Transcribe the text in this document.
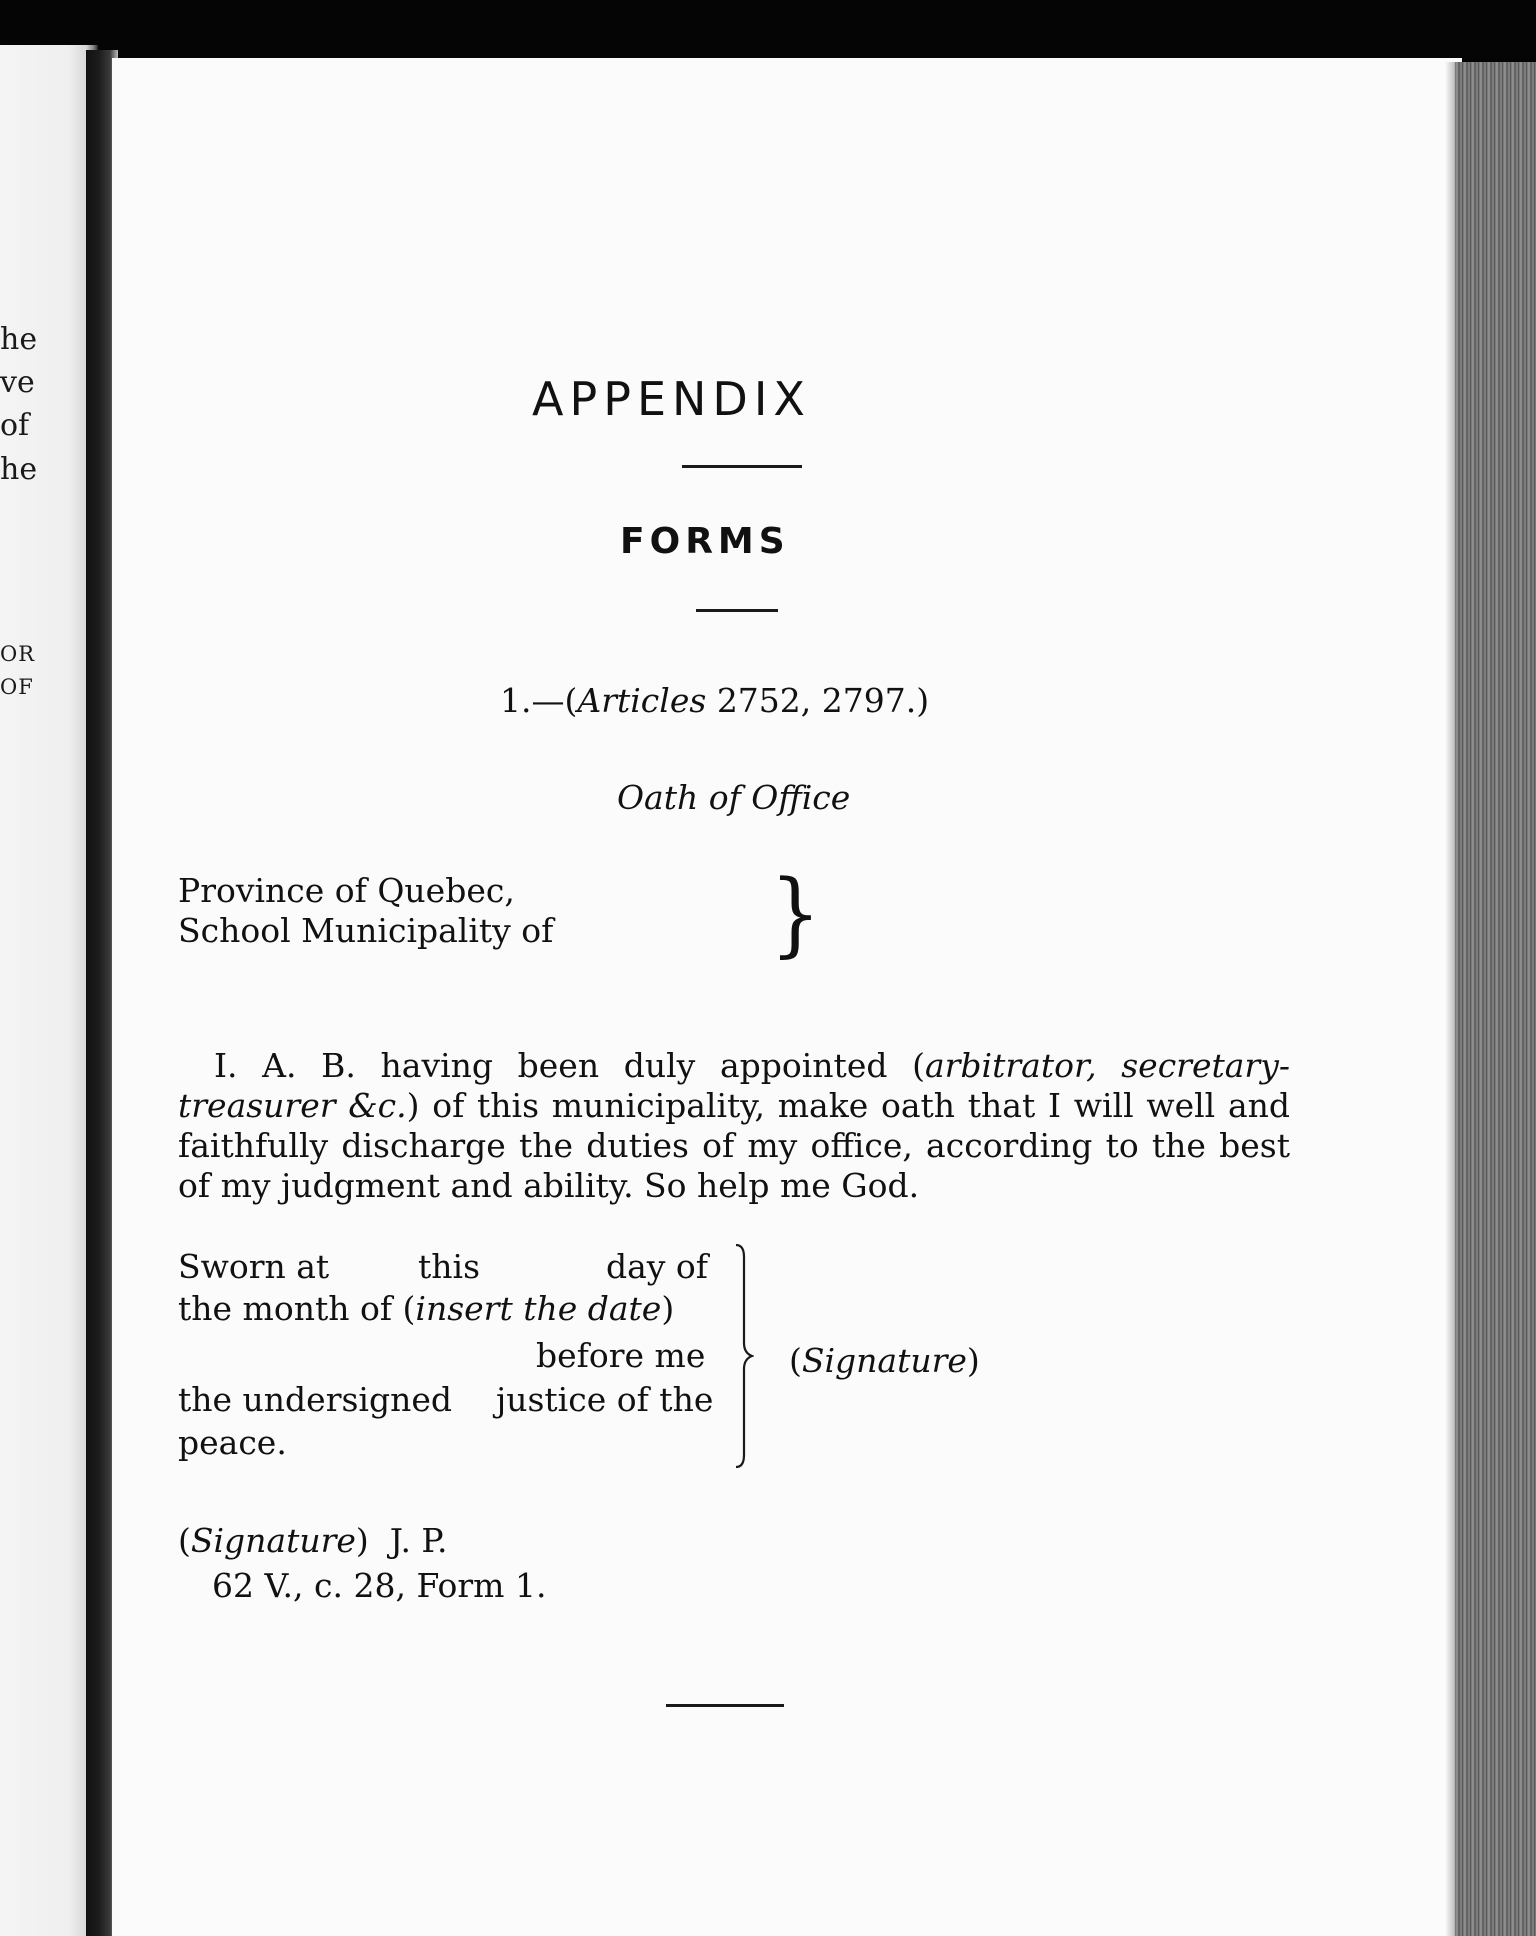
he
ve
of
he
OR
OF
APPENDIX
FORMS
1.—(Articles 2752, 2797.)
Oath of Office
Province of Quebec,
School Municipality of	}

I. A. B. having been duly appointed (arbitrator, secretary-treasurer &c.) of this municipality, make oath that I will well and faithfully discharge the duties of my office, according to the best of my judgment and ability. So help me God.

Sworn at	this	day of
the month of (insert the date)
before me
the undersigned justice of the
peace.
(Signature)
(Signature)  J. P.
62 V., c. 28, Form 1.
